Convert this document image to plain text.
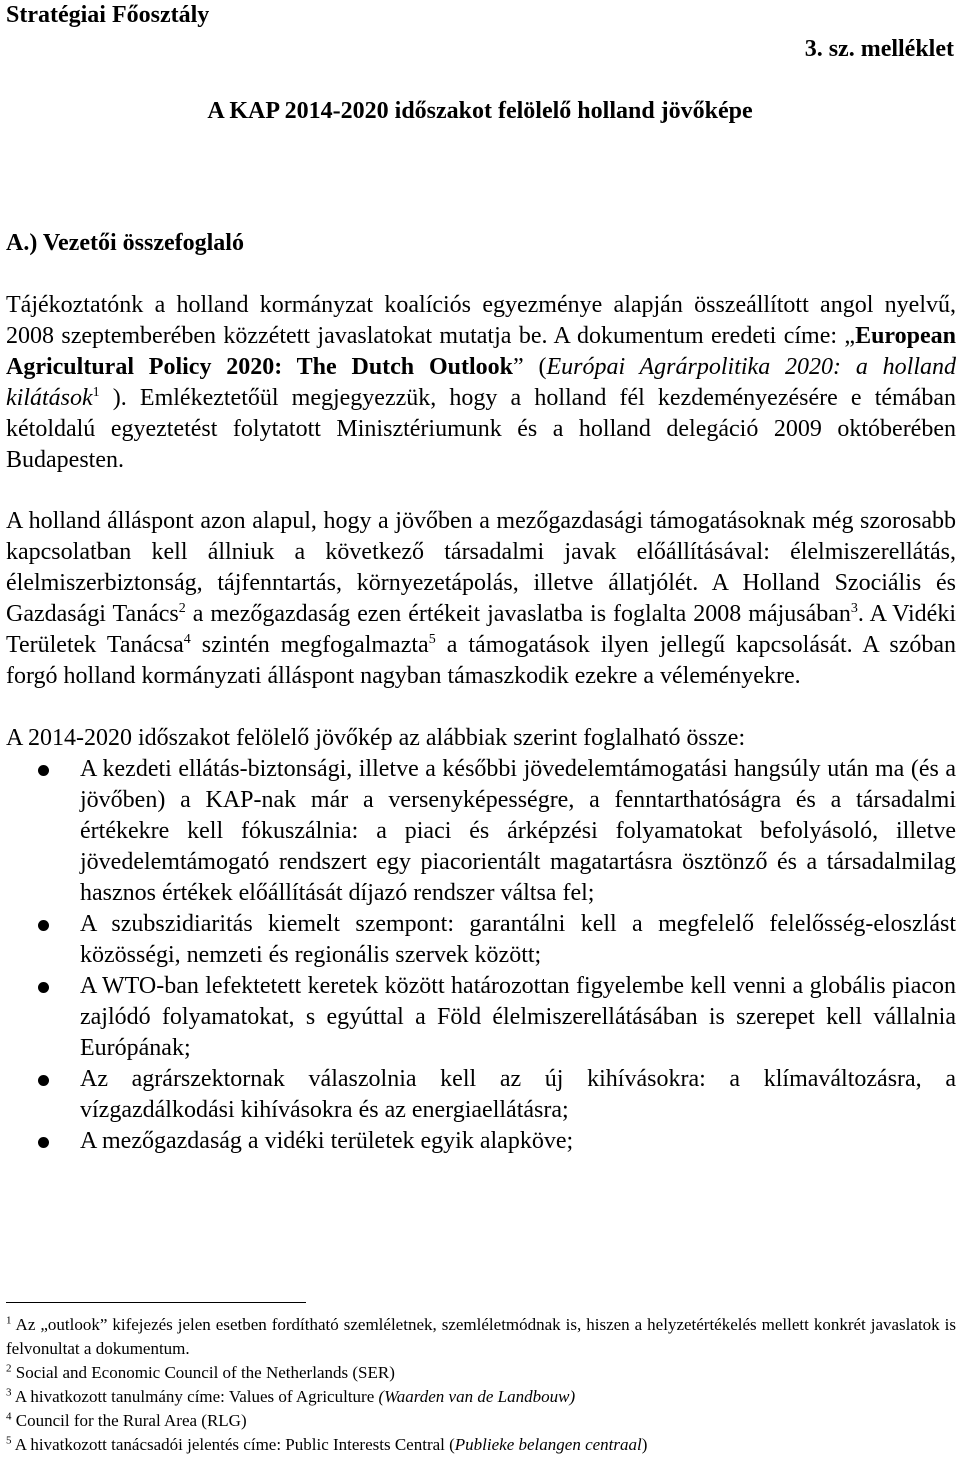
Stratégiai Főosztály
3. sz. melléklet
A KAP 2014-2020 időszakot felölelő holland jövőképe
A.) Vezetői összefoglaló

Tájékoztatónk a holland kormányzat koalíciós egyezménye alapján összeállított angol nyelvű, 2008 szeptemberében közzétett javaslatokat mutatja be. A dokumentum eredeti címe: „European Agricultural Policy 2020: The Dutch Outlook” (Európai Agrárpolitika 2020: a holland kilátások$^1$ ). Emlékeztetőül megjegyezzük, hogy a holland fél kezdeményezésére e témában kétoldalú egyeztetést folytatott Minisztériumunk és a holland delegáció 2009 októberében Budapesten.

A holland álláspont azon alapul, hogy a jövőben a mezőgazdasági támogatásoknak még szorosabb kapcsolatban kell állniuk a következő társadalmi javak előállításával: élelmiszerellátás, élelmiszerbiztonság, tájfenntartás, környezetápolás, illetve állatjólét. A Holland Szociális és Gazdasági Tanács$^2$ a mezőgazdaság ezen értékeit javaslatba is foglalta 2008 májusában$^3$. A Vidéki Területek Tanácsa$^4$ szintén megfogalmazta$^5$ a támogatások ilyen jellegű kapcsolását. A szóban forgó holland kormányzati álláspont nagyban támaszkodik ezekre a véleményekre.

A 2014-2020 időszakot felölelő jövőkép az alábbiak szerint foglalható össze:

A kezdeti ellátás-biztonsági, illetve a későbbi jövedelemtámogatási hangsúly után ma (és a jövőben) a KAP-nak már a versenyképességre, a fenntarthatóságra és a társadalmi értékekre kell fókuszálnia: a piaci és árképzési folyamatokat befolyásoló, illetve jövedelemtámogató rendszert egy piacorientált magatartásra ösztönző és a társadalmilag hasznos értékek előállítását díjazó rendszer váltsa fel;
A szubszidiaritás kiemelt szempont: garantálni kell a megfelelő felelősség-eloszlást közösségi, nemzeti és regionális szervek között;
A WTO-ban lefektetett keretek között határozottan figyelembe kell venni a globális piacon zajlódó folyamatokat, s egyúttal a Föld élelmiszerellátásában is szerepet kell vállalnia Európának;
Az agrárszektornak válaszolnia kell az új kihívásokra: a klímaváltozásra, a vízgazdálkodási kihívásokra és az energiaellátásra;
A mezőgazdaság a vidéki területek egyik alapköve;

$^1$ Az „outlook” kifejezés jelen esetben fordítható szemléletnek, szemléletmódnak is, hiszen a helyzetértékelés mellett konkrét javaslatok is felvonultat a dokumentum.

$^2$ Social and Economic Council of the Netherlands (SER)

$^3$ A hivatkozott tanulmány címe: Values of Agriculture (Waarden van de Landbouw)

$^4$ Council for the Rural Area (RLG)

$^5$ A hivatkozott tanácsadói jelentés címe: Public Interests Central (Publieke belangen centraal)
